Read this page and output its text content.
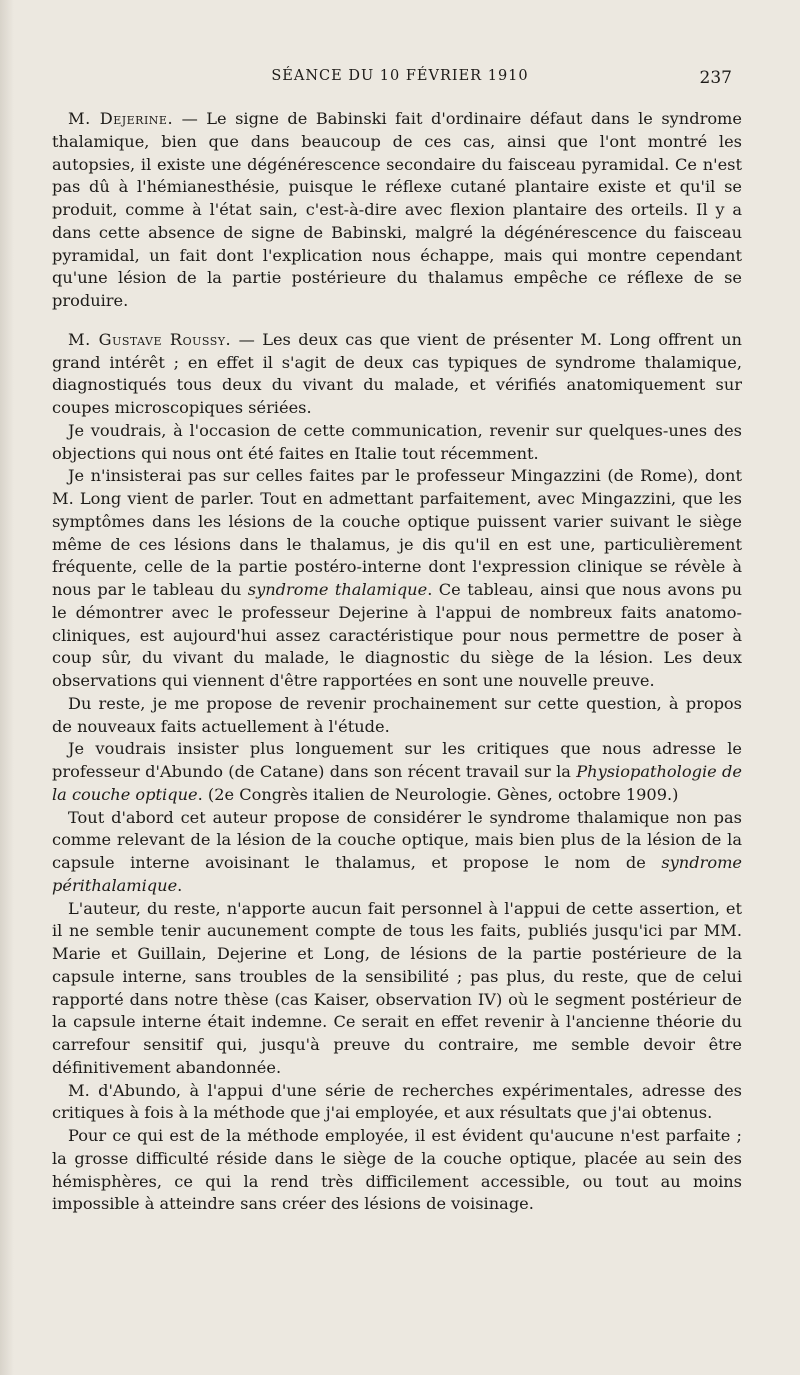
SÉANCE DU 10 FÉVRIER 1910	237

M. Dejerine. — Le signe de Babinski fait d'ordinaire défaut dans le syndrome thalamique, bien que dans beaucoup de ces cas, ainsi que l'ont montré les autopsies, il existe une dégénérescence secondaire du faisceau pyramidal. Ce n'est pas dû à l'hémianesthésie, puisque le réflexe cutané plantaire existe et qu'il se produit, comme à l'état sain, c'est-à-dire avec flexion plantaire des orteils. Il y a dans cette absence de signe de Babinski, malgré la dégénérescence du faisceau pyramidal, un fait dont l'explication nous échappe, mais qui montre cependant qu'une lésion de la partie postérieure du thalamus empêche ce réflexe de se produire.

M. Gustave Roussy. — Les deux cas que vient de présenter M. Long offrent un grand intérêt ; en effet il s'agit de deux cas typiques de syndrome thalamique, diagnostiqués tous deux du vivant du malade, et vérifiés anatomiquement sur coupes microscopiques sériées.

Je voudrais, à l'occasion de cette communication, revenir sur quelques-unes des objections qui nous ont été faites en Italie tout récemment.

Je n'insisterai pas sur celles faites par le professeur Mingazzini (de Rome), dont M. Long vient de parler. Tout en admettant parfaitement, avec Mingazzini, que les symptômes dans les lésions de la couche optique puissent varier suivant le siège même de ces lésions dans le thalamus, je dis qu'il en est une, particulièrement fréquente, celle de la partie postéro-interne dont l'expression clinique se révèle à nous par le tableau du syndrome thalamique. Ce tableau, ainsi que nous avons pu le démontrer avec le professeur Dejerine à l'appui de nombreux faits anatomo-cliniques, est aujourd'hui assez caractéristique pour nous permettre de poser à coup sûr, du vivant du malade, le diagnostic du siège de la lésion. Les deux observations qui viennent d'être rapportées en sont une nouvelle preuve.

Du reste, je me propose de revenir prochainement sur cette question, à propos de nouveaux faits actuellement à l'étude.

Je voudrais insister plus longuement sur les critiques que nous adresse le professeur d'Abundo (de Catane) dans son récent travail sur la Physiopathologie de la couche optique. (2e Congrès italien de Neurologie. Gènes, octobre 1909.)

Tout d'abord cet auteur propose de considérer le syndrome thalamique non pas comme relevant de la lésion de la couche optique, mais bien plus de la lésion de la capsule interne avoisinant le thalamus, et propose le nom de syndrome périthalamique.

L'auteur, du reste, n'apporte aucun fait personnel à l'appui de cette assertion, et il ne semble tenir aucunement compte de tous les faits, publiés jusqu'ici par MM. Marie et Guillain, Dejerine et Long, de lésions de la partie postérieure de la capsule interne, sans troubles de la sensibilité ; pas plus, du reste, que de celui rapporté dans notre thèse (cas Kaiser, observation IV) où le segment postérieur de la capsule interne était indemne. Ce serait en effet revenir à l'ancienne théorie du carrefour sensitif qui, jusqu'à preuve du contraire, me semble devoir être définitivement abandonnée.

M. d'Abundo, à l'appui d'une série de recherches expérimentales, adresse des critiques à fois à la méthode que j'ai employée, et aux résultats que j'ai obtenus.

Pour ce qui est de la méthode employée, il est évident qu'aucune n'est parfaite ; la grosse difficulté réside dans le siège de la couche optique, placée au sein des hémisphères, ce qui la rend très difficilement accessible, ou tout au moins impossible à atteindre sans créer des lésions de voisinage.
